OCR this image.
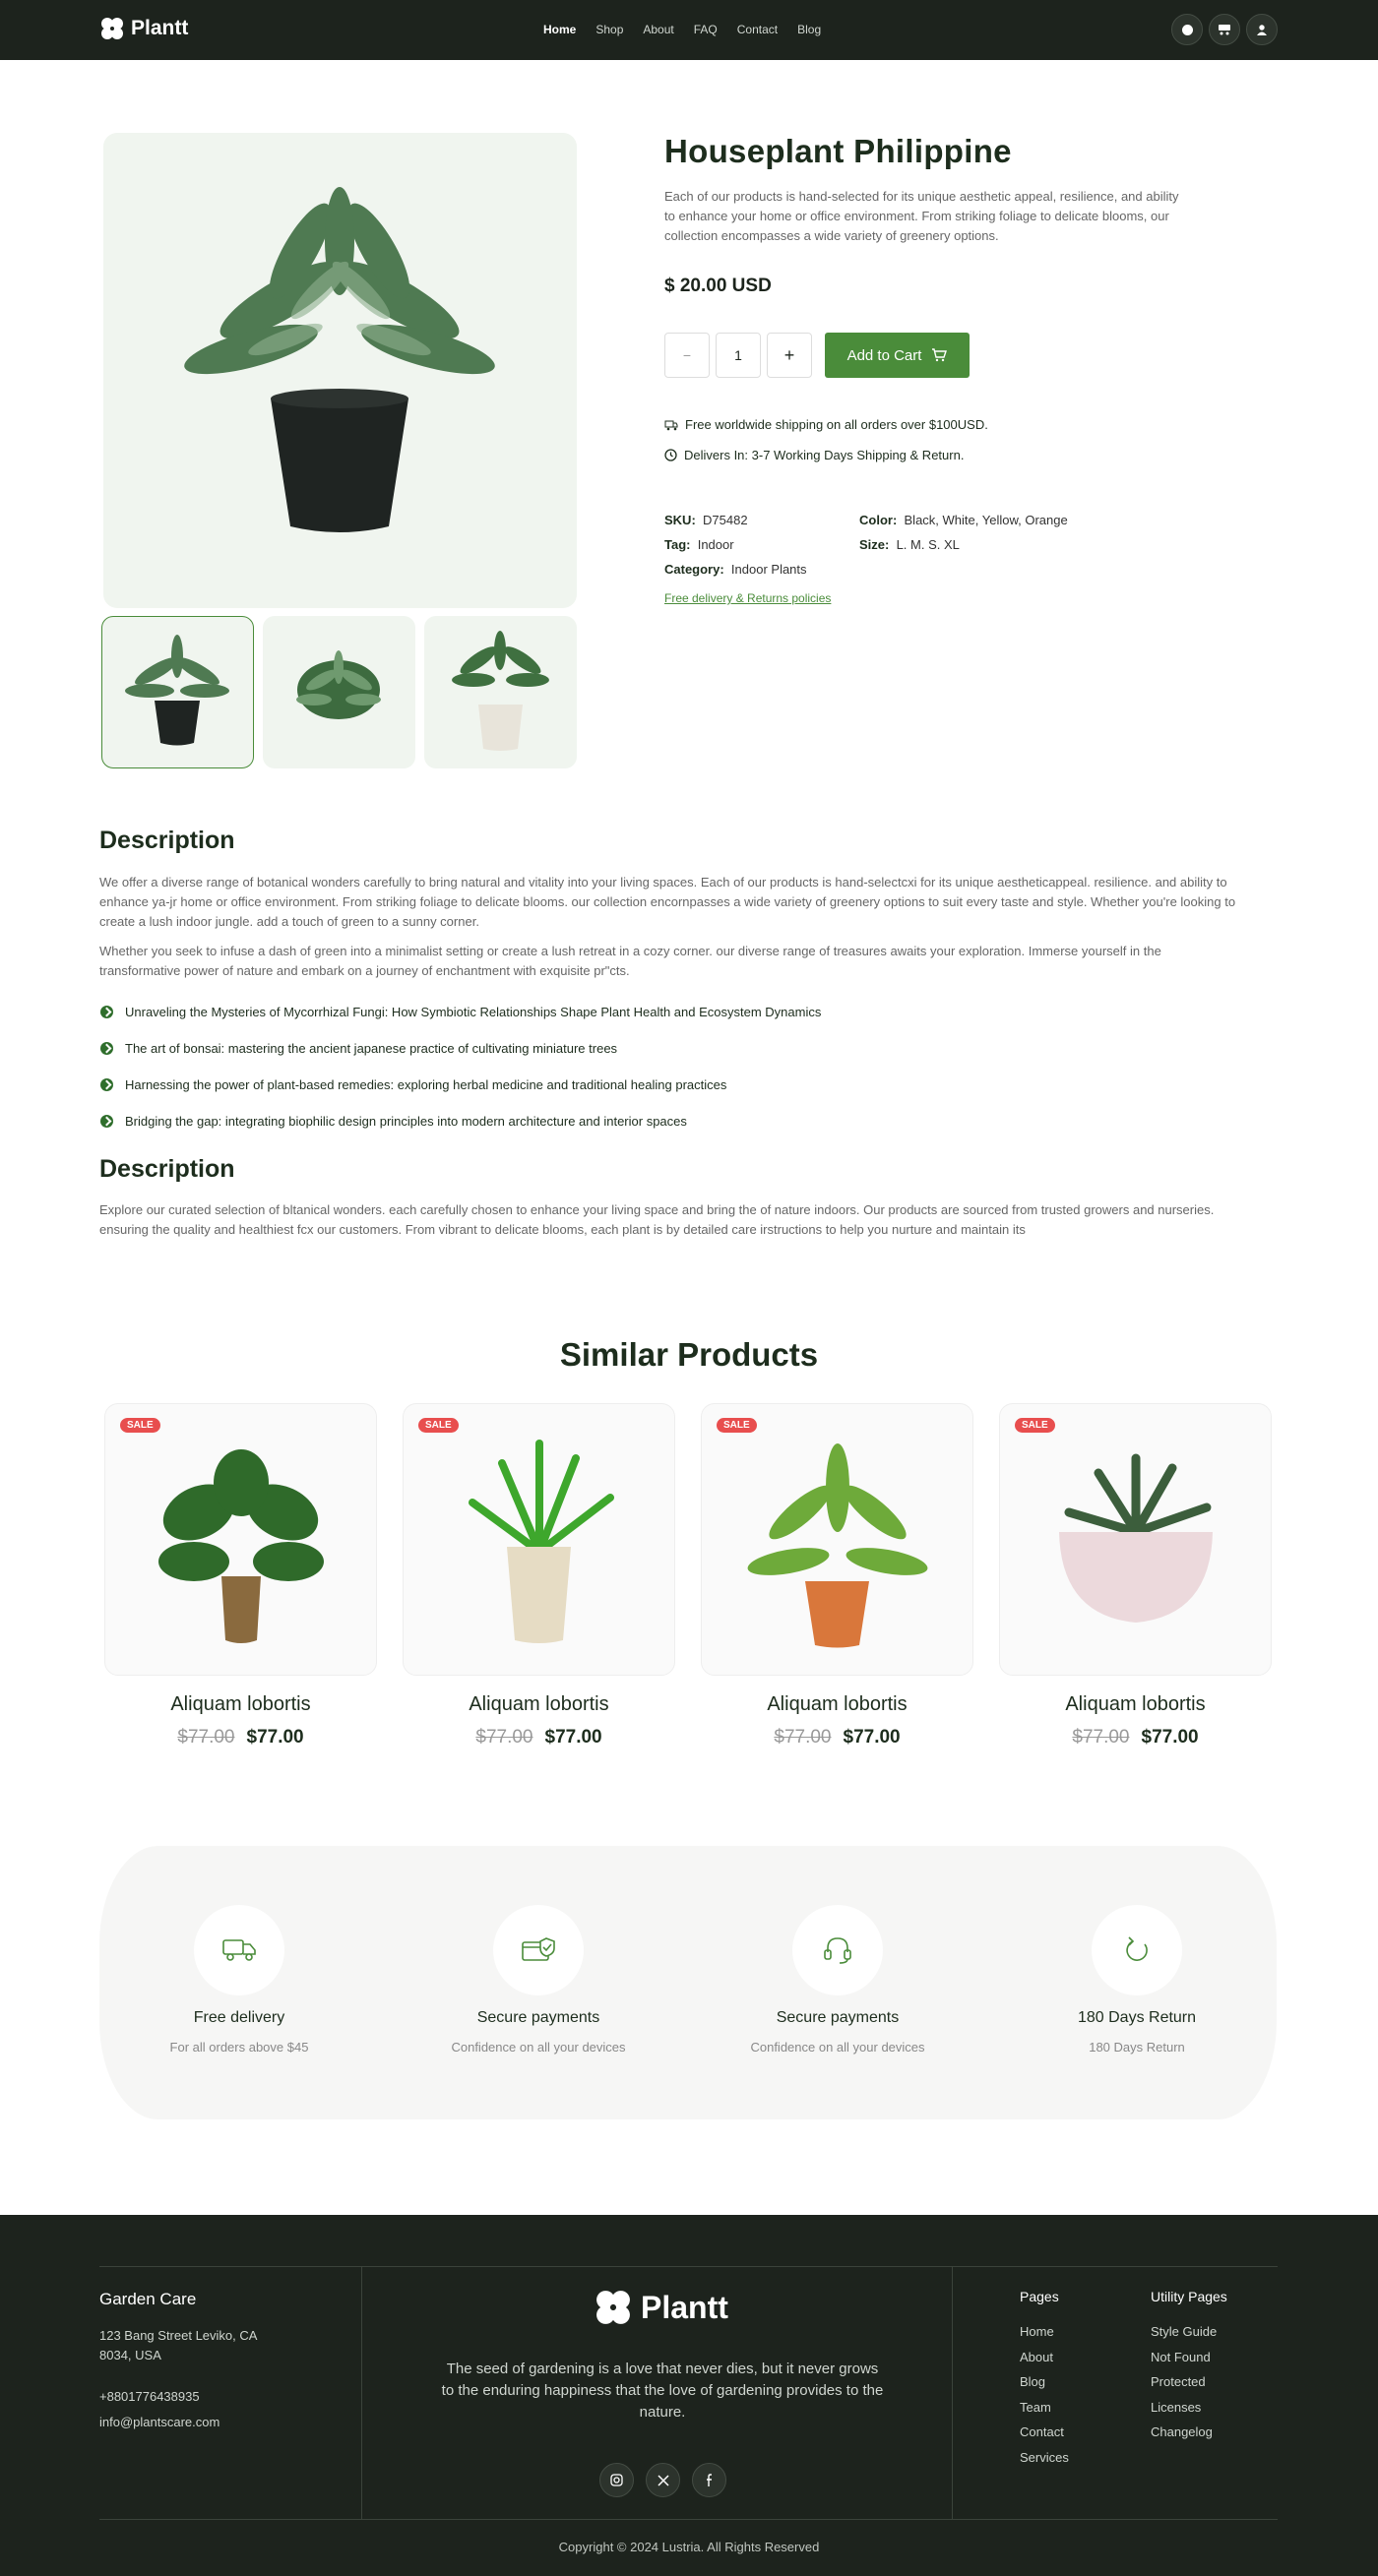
Plantt	Home Shop About FAQ Contact Blog
Houseplant Philippine
Each of our products is hand-selected for its unique aesthetic appeal, resilience, and ability to enhance your home or office environment. From striking foliage to delicate blooms, our collection encompasses a wide variety of greenery options.
$ 20.00 USD
−	1	+	Add to Cart
Free worldwide shipping on all orders over $100USD.
Delivers In: 3-7 Working Days Shipping & Return.
SKU: D75482
Tag: Indoor
Category: Indoor Plants
Color: Black, White, Yellow, Orange
Size: L. M. S. XL
Free delivery & Returns policies
Description
We offer a diverse range of botanical wonders carefully to bring natural and vitality into your living spaces. Each of our products is hand-selectcxi for its unique aestheticappeal. resilience. and ability to enhance ya-jr home or office environment. From striking foliage to delicate blooms. our collection encornpasses a wide variety of greenery options to suit every taste and style. Whether you're looking to create a lush indoor jungle. add a touch of green to a sunny corner.
Whether you seek to infuse a dash of green into a minimalist setting or create a lush retreat in a cozy corner. our diverse range of treasures awaits your exploration. Immerse yourself in the transformative power of nature and embark on a journey of enchantment with exquisite pr"cts.
Unraveling the Mysteries of Mycorrhizal Fungi: How Symbiotic Relationships Shape Plant Health and Ecosystem Dynamics
The art of bonsai: mastering the ancient japanese practice of cultivating miniature trees
Harnessing the power of plant-based remedies: exploring herbal medicine and traditional healing practices
Bridging the gap: integrating biophilic design principles into modern architecture and interior spaces
Description
Explore our curated selection of bltanical wonders. each carefully chosen to enhance your living space and bring the of nature indoors. Our products are sourced from trusted growers and nurseries. ensuring the quality and healthiest fcx our customers. From vibrant to delicate blooms, each plant is by detailed care irstructions to help you nurture and maintain its
Similar Products
SALE	SALE	SALE	SALE
Aliquam lobortis
$77.00 $77.00
Aliquam lobortis
$77.00 $77.00
Aliquam lobortis
$77.00 $77.00
Aliquam lobortis
$77.00 $77.00
Free delivery
For all orders above $45
Secure payments
Confidence on all your devices
Secure payments
Confidence on all your devices
180 Days Return
180 Days Return
Garden Care
123 Bang Street Leviko, CA
8034, USA
+8801776438935
info@plantscare.com
Plantt
The seed of gardening is a love that never dies, but it never grows to the enduring happiness that the love of gardening provides to the nature.
Pages
Home
About
Blog
Team
Contact
Services
Utility Pages
Style Guide
Not Found
Protected
Licenses
Changelog
Copyright © 2024 Lustria. All Rights Reserved
